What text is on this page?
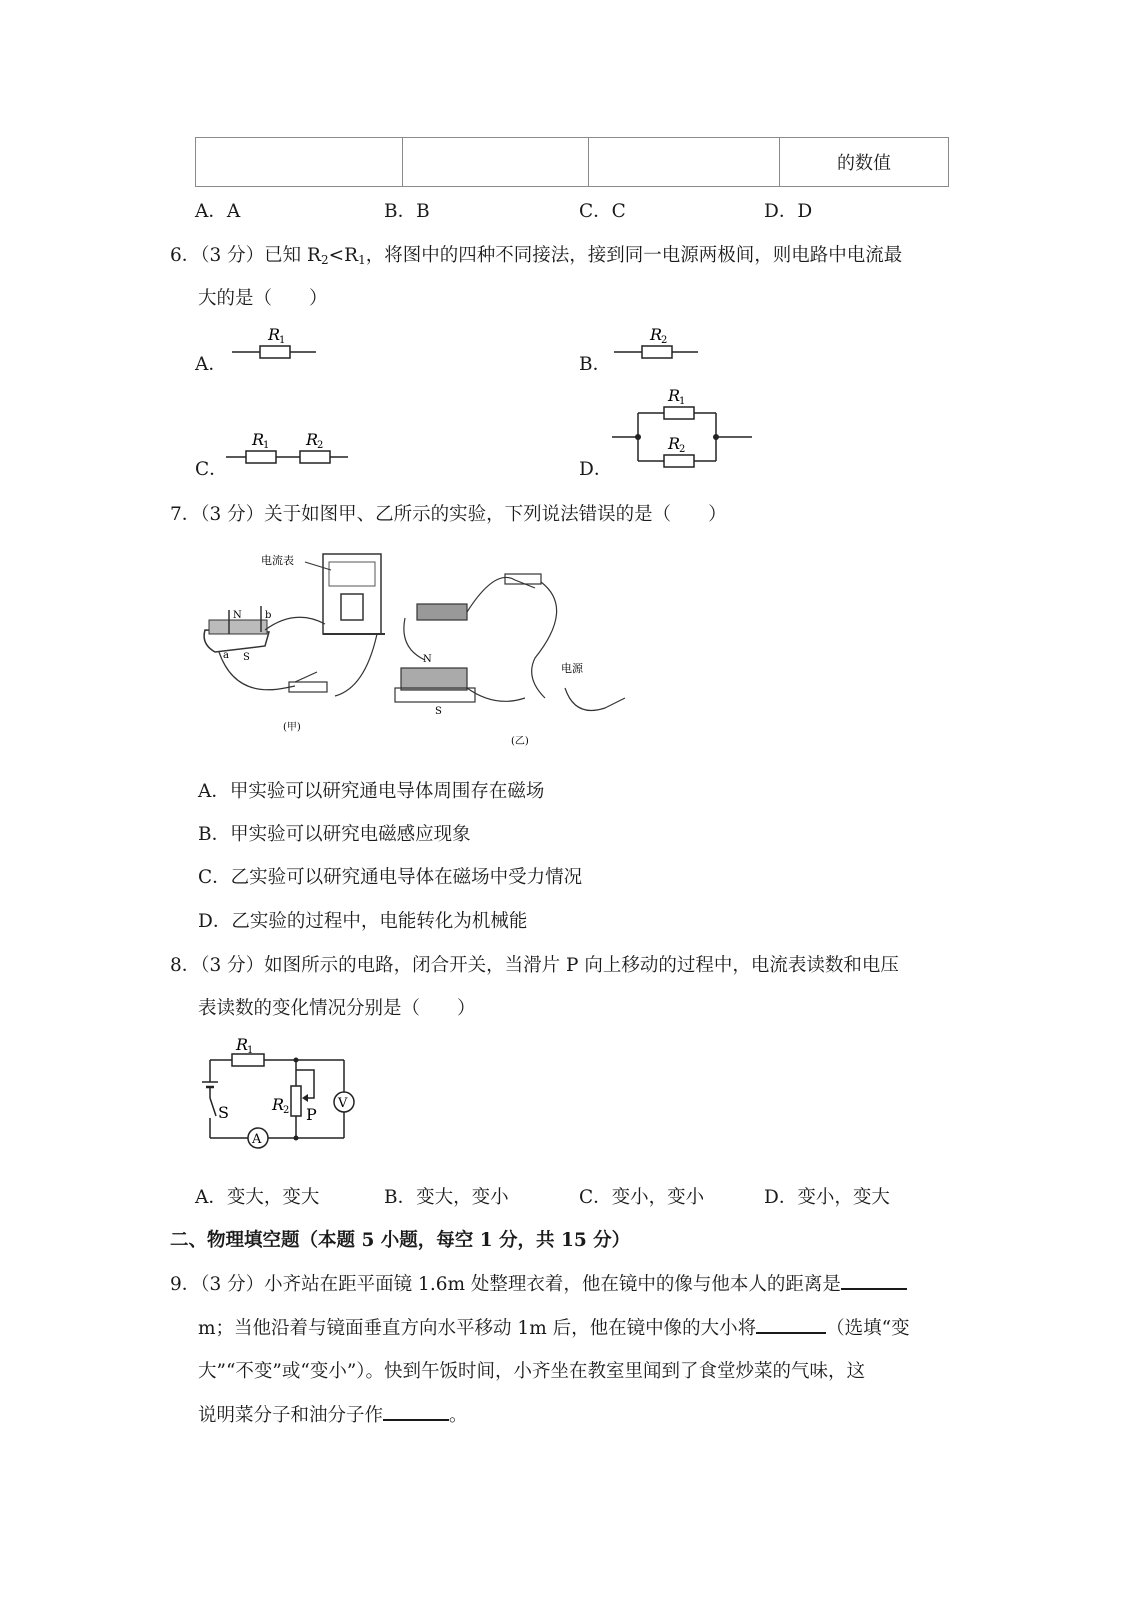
			的数值
A．A	B．B	C．C	D．D
6．（3 分）已知 $R_2<R_1$，将图中的四种不同接法，接到同一电源两极间，则电路中电流最
大的是（　　）
A．
R
1
B．
R
2
C．
R
1 R
2
D．
R
1
R
2
7．（3 分）关于如图甲、乙所示的实验，下列说法错误的是（　　）
电流表
N
S
a
b
(甲)
N
S
电源
(乙)
A．甲实验可以研究通电导体周围存在磁场
B．甲实验可以研究电磁感应现象
C．乙实验可以研究通电导体在磁场中受力情况
D．乙实验的过程中，电能转化为机械能
8．（3 分）如图所示的电路，闭合开关，当滑片 P 向上移动的过程中，电流表读数和电压
表读数的变化情况分别是（　　）
R
1
S
A
R
2 P
V
A．变大，变大	B．变大，变小	C．变小，变小	D．变小，变大
二、物理填空题（本题 5 小题，每空 1 分，共 15 分）
9．（3 分）小齐站在距平面镜 1.6m 处整理衣着，他在镜中的像与他本人的距离是
m；当他沿着与镜面垂直方向水平移动 1m 后，他在镜中像的大小将	（选填“变
大”“不变”或“变小”）。快到午饭时间，小齐坐在教室里闻到了食堂炒菜的气味，这
说明菜分子和油分子作	。
